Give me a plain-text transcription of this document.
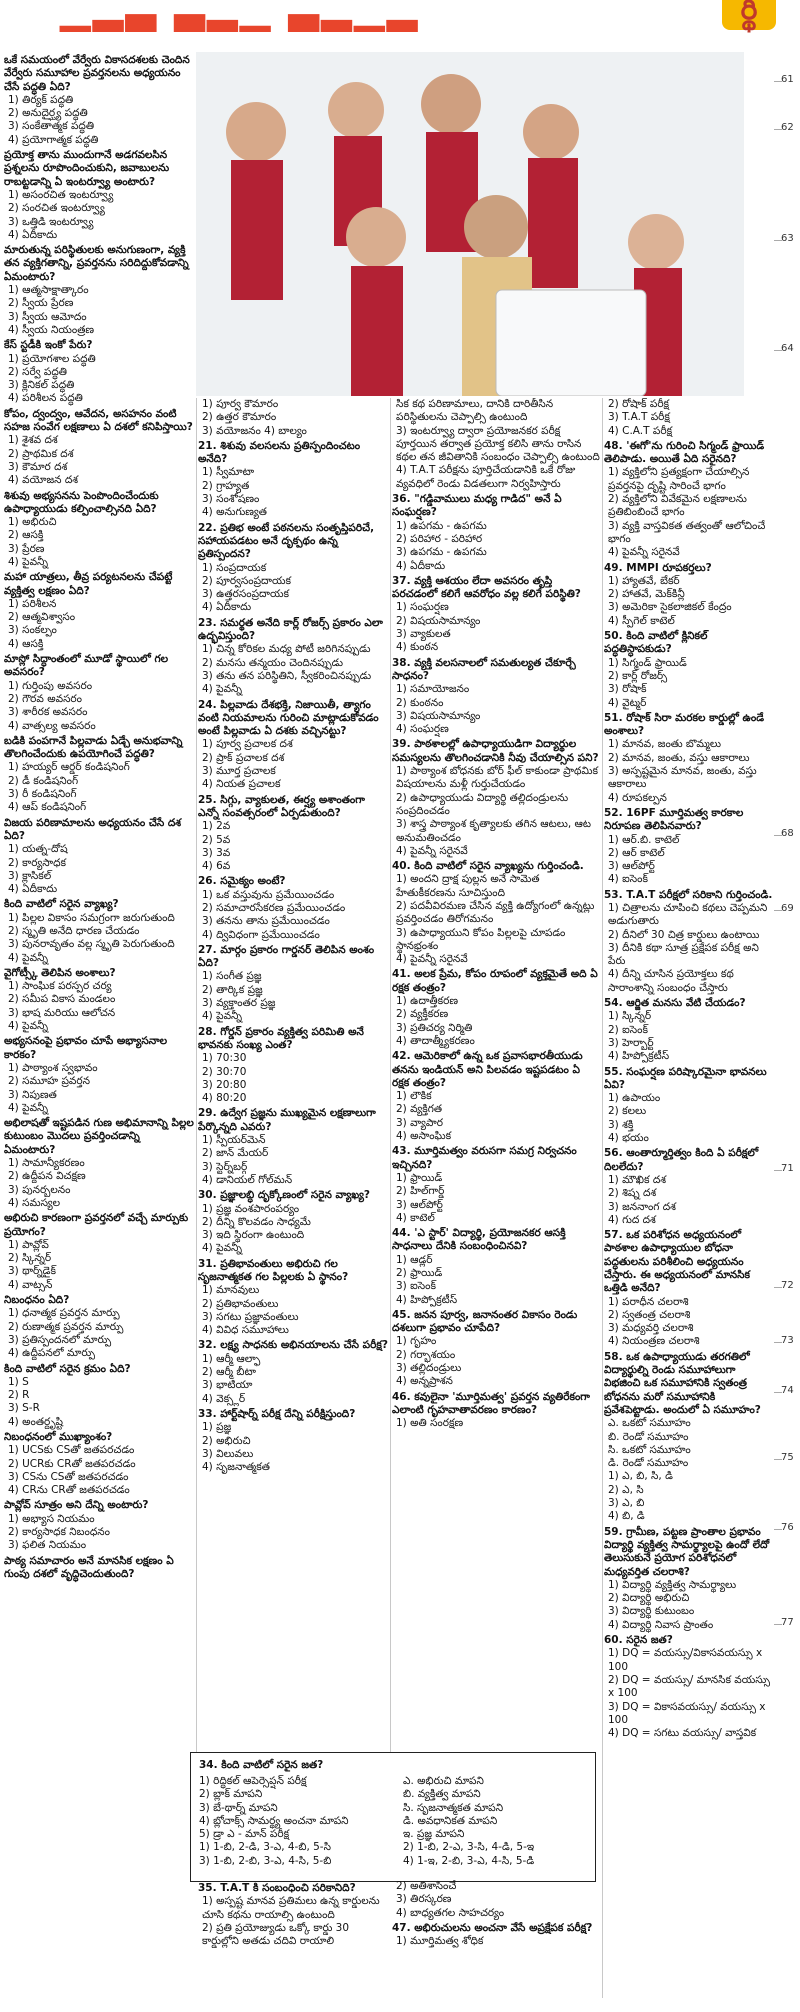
▁▂▃ ▃▂▁ ▃▂▁▂	ర్థి
ఒకే సమయంలో వేర్వేరు వికాసదశలకు చెందిన వేర్వేరు సమూహాల ప్రవర్తనలను అధ్యయనం చేసే పద్ధతి ఏది?
1) తిర్యక్ పద్ధతి
2) అనుదైర్ఘ్య పద్ధతి
3) సంకేతాత్మక పద్ధతి
4) ప్రయోగాత్మక పద్ధతి
ప్రయోక్త తాను ముందుగానే అడగవలసిన ప్రశ్నలను రూపొందించుకుని, జవాబులను రాబట్టడాన్ని ఏ ఇంటర్వ్యూ అంటారు?
1) అసంరచిత ఇంటర్వ్యూ
2) సంరచిత ఇంటర్వ్యూ
3) ఒత్తిడి ఇంటర్వ్యూ
4) ఏదీకాదు
మారుతున్న పరిస్థితులకు అనుగుణంగా, వ్యక్తి తన వ్యక్తిగతాన్ని, ప్రవర్తనను సరిదిద్దుకోవడాన్ని ఏమంటారు?
1) ఆత్మసాక్షాత్కారం
2) స్వీయ ప్రేరణ
3) స్వీయ ఆమోదం
4) స్వీయ నియంత్రణ
కేస్ స్టడీకి ఇంకో పేరు?
1) ప్రయోగశాల పద్ధతి
2) సర్వే పద్ధతి
3) క్లినికల్ పద్ధతి
4) పరిశీలన పద్ధతి
కోపం, ద్వంద్వం, ఆవేదన, అసహనం వంటి సహజ సంవేగ లక్షణాలు ఏ దశలో కనిపిస్తాయి?
1) శైశవ దశ
2) ప్రాథమిక దశ
3) కౌమార దశ
4) వయోజన దశ
శిశువు అభ్యసనను పెంపొందించేందుకు ఉపాధ్యాయుడు కల్పించాల్సినది ఏది?
1) అభిరుచి
2) ఆసక్తి
3) ప్రేరణ
4) పైవన్నీ
మహా యాత్రలు, తీవ్ర పర్యటనలను చేపట్టే వ్యక్తిత్వ లక్షణం ఏది?
1) పరిశీలన
2) ఆత్మవిశ్వాసం
3) సంకల్పం
4) ఆసక్తి
మాస్లో సిద్ధాంతంలో మూడో స్థాయిలో గల అవసరం?
1) గుర్తింపు అవసరం
2) గౌరవ అవసరం
3) శారీరక అవసరం
4) వాత్సల్య అవసరం
బడికి పంపగానే పిల్లవాడు ఏడ్చే అనుభవాన్ని తొలగించేందుకు ఉపయోగించే పద్ధతి?
1) హయ్యర్ ఆర్డర్ కండిషనింగ్
2) డీ కండిషనింగ్
3) రీ కండిషనింగ్
4) ఆప్ కండిషనింగ్
విజయ పరిణామాలను అధ్యయనం చేసే దశ ఏది?
1) యత్న-దోష
2) కార్యసాధక
3) క్లాసికల్
4) ఏదీకాదు
కింది వాటిలో సరైన వ్యాఖ్య?
1) పిల్లల వికాసం సమగ్రంగా జరుగుతుంది
2) స్మృతి అనేది ధారణ చేయడం
3) పునరావృతం వల్ల స్మృతి పెరుగుతుంది
4) పైవన్నీ
వైగోట్స్కీ తెలిపిన అంశాలు?
1) సాంఘిక పరస్పర చర్య
2) సమీప వికాస మండలం
3) భాష మరియు ఆలోచన
4) పైవన్నీ
అభ్యసనంపై ప్రభావం చూపే అభ్యాసనాల కారకం?
1) పాఠ్యాంశ స్వభావం
2) సమూహ ప్రవర్తన
3) నిపుణత
4) పైవన్నీ
అభిలాషతో ఇష్టపడిన గుణ అభిమానాన్ని పిల్లల కుటుంబం మొదలు ప్రవర్తించడాన్ని ఏమంటారు?
1) సామాన్యీకరణం
2) ఉద్దీపన విచక్షణ
3) పునర్బలనం
4) సమస్యల
అభిరుచి కారణంగా ప్రవర్తనలో వచ్చే మార్పుకు ప్రయోగం?
1) పావ్లోవ్
2) స్కిన్నర్
3) థార్న్‌డైక్
4) వాట్సన్
నిబంధనం ఏది?
1) ధనాత్మక ప్రవర్తన మార్పు
2) రుణాత్మక ప్రవర్తన మార్పు
3) ప్రతిస్పందనలో మార్పు
4) ఉద్దీపనలో మార్పు
కింది వాటిలో సరైన క్రమం ఏది?
1) S
2) R
3) S-R
4) అంతర్దృష్టి
నిబంధనంలో ముఖ్యాంశం?
1) UCSకు CSతో జతపరచడం
2) UCRకు CRతో జతపరచడం
3) CSను CSతో జతపరచడం
4) CRను CRతో జతపరచడం
పావ్లోవ్ సూత్రం అని దేన్ని అంటారు?
1) అభ్యాస నియమం
2) కార్యసాధక నిబంధనం
3) ఫలిత నియమం
పాఠ్య సమాచారం అనే మానసిక లక్షణం ఏ గుంపు దశలో వృద్ధిచెందుతుంది?
1) పూర్వ కౌమారం
2) ఉత్తర కౌమారం
3) వయోజనం 4) బాల్యం
21. శిశువు వలసలను ప్రతిస్పందించటం అనేది?
1) స్వీమాటా
2) గ్రాహ్యత
3) సంశోషణం
4) అనుగుణ్యత
22. ప్రతిభ అంటే పఠనలను సంతృప్తిపరిచే, సహాయపడటం అనే దృక్పథం ఉన్న ప్రతిస్పందన?
1) సంప్రదాయక
2) పూర్వసంప్రదాయక
3) ఉత్తరసంప్రదాయక
4) ఏదీకాదు
23. సమర్థత అనేది కార్ల్ రోజర్స్ ప్రకారం ఎలా ఉద్భవిస్తుంది?
1) చిన్న కోరికల మధ్య పోటీ జరిగినప్పుడు
2) మనసు తన్మయం చెందినప్పుడు
3) తను తన పరిస్థితిని, స్వీకరించినప్పుడు
4) పైవన్నీ
24. పిల్లవాడు దేశభక్తి, నిజాయితీ, త్యాగం వంటి నియమాలను గురించి మాట్లాడుకోవడం అంటే పిల్లవాడు ఏ దశకు వచ్చినట్టు?
1) పూర్వ ప్రచాలక దశ
2) ప్రాక్ ప్రచాలక దశ
3) మూర్త ప్రచాలక
4) నియత ప్రచాలక
25. సిగ్గు, వ్యాకులత, ఈర్ష్య అశాంతంగా ఎన్నో సంవత్సరంలో ఏర్పడుతుంది?
1) 2వ
2) 5వ
3) 3వ
4) 6వ
26. సమైక్యం అంటే?
1) ఒక వస్తువును ప్రమేయించడం
2) సమాచారసేకరణ ప్రమేయించడం
3) తనను తాను ప్రమేయించడం
4) ద్వివిధంగా ప్రమేయించడం
27. మార్గం ప్రకారం గార్డనర్ తెలిపిన అంశం ఏది?
1) సంగీత ప్రజ్ఞ
2) తార్కిక ప్రజ్ఞ
3) వ్యక్తాంతర ప్రజ్ఞ
4) పైవన్నీ
28. గోర్డన్ ప్రకారం వ్యక్తిత్వ పరిమితి అనే భావనకు సంఖ్య ఎంత?
1) 70:30
2) 30:70
3) 20:80
4) 80:20
29. ఉద్వేగ ప్రజ్ఞను ముఖ్యమైన లక్షణాలుగా పేర్కొన్నది ఎవరు?
1) స్పీయర్‌మెన్
2) జాన్ మేయర్
3) స్టెర్న్‌బర్గ్
4) డానియల్ గోల్‌మన్
30. ప్రజ్ఞాలబ్ధి దృక్కోణంలో సరైన వ్యాఖ్య?
1) ప్రజ్ఞ వంశపారంపర్యం
2) దీన్ని కొలవడం సాధ్యమే
3) ఇది స్థిరంగా ఉంటుంది
4) పైవన్నీ
31. ప్రతిభావంతులు అభిరుచి గల సృజనాత్మకత గల పిల్లలకు ఏ స్థానం?
1) మానవులు
2) ప్రతిభావంతులు
3) సగటు ప్రజ్ఞావంతులు
4) వివిధ సమూహాలు
32. లక్ష్య సాధనకు అభినయాలను చేసే పరీక్ష?
1) ఆర్మీ ఆల్ఫా
2) ఆర్మీ బీటా
3) భాటియా
4) వెక్స్లర్
33. హార్ట్‌షార్న్ పరీక్ష దేన్ని పరీక్షిస్తుంది?
1) ప్రజ్ఞ
2) అభిరుచి
3) విలువలు
4) సృజనాత్మకత
సిక కథ పరిణామాలు, దానికి దారితీసిన పరిస్థితులను చెప్పాల్సి ఉంటుంది
3) ఇంటర్వ్యూ ద్వారా ప్రయోజనకర పరీక్ష పూర్తయిన తర్వాత ప్రయోక్త కలిసి తాను రాసిన కథల తన జీవితానికి సంబంధం చెప్పాల్సి ఉంటుంది
4) T.A.T పరీక్షను పూర్తిచేయడానికి ఒకే రోజు వ్యవధిలో రెండు విడతలుగా నిర్వహిస్తారు
36. "గడ్డివాములు మధ్య గాడిద" అనే ఏ సంఘర్షణ?
1) ఉపగమ - ఉపగమ
2) పరిహార - పరిహార
3) ఉపగమ - ఉపగమ
4) ఏదీకాదు
37. వ్యక్తి ఆశయం లేదా అవసరం తృప్తి పరచడంలో కలిగే ఆవరోధం వల్ల కలిగే పరిస్థితి?
1) సంఘర్షణ
2) విషయసామాన్యం
3) వ్యాకులత
4) కుంఠన
38. వ్యక్తి వలసనాలలో సమతుల్యత చేకూర్చే సాధనం?
1) సమాయోజనం
2) కుంఠనం
3) విషయసామాన్యం
4) సంఘర్షణ
39. పాఠశాలల్లో ఉపాధ్యాయుడిగా విద్యార్థుల సమస్యలను తొలగించడానికి నీవు చేయాల్సిన పని?
1) పాఠ్యాంశ బోధనకు బోర్ ఫీల్ కాకుండా ప్రాథమిక విషయాలను మళ్లీ గుర్తుచేయడం
2) ఉపాధ్యాయుడు విద్యార్థి తల్లిదండ్రులను సంప్రదించడం
3) శాస్త్ర పాఠ్యాంశ కృత్యాలకు తగిన ఆటలు, ఆట అనుమతించడం
4) పైవన్నీ సరైనవే
40. కింది వాటిలో సరైన వ్యాఖ్యను గుర్తించండి.
1) అందని ద్రాక్ష పుల్లన అనే సామెత హేతుకీకరణను సూచిస్తుంది
2) పదవీవిరమణ చేసిన వ్యక్తి ఉద్యోగంలో ఉన్నట్లు ప్రవర్తించడం తిరోగమనం
3) ఉపాధ్యాయుని కోపం పిల్లలపై చూపడం స్థానభ్రంశం
4) పైవన్నీ సరైనవే
41. అలక ప్రేమ, కోపం రూపంలో వ్యక్తమైతే అది ఏ రక్షక తంత్రం?
1) ఉదాత్తీకరణ
2) వ్యక్తీకరణ
3) ప్రతిచర్య నిర్మితి
4) తాదాత్మ్యీకరణం
42. ఆమెరికాలో ఉన్న ఒక ప్రవాసభారతీయుడు తనను ఇండియన్ అని పిలవడం ఇష్టపడటం ఏ రక్షక తంత్రం?
1) లౌకిక
2) వ్యక్తిగత
3) వ్యాపార
4) అసాంఘిక
43. మూర్తిమత్వం వరుసగా సమగ్ర నిర్వచనం ఇచ్చినది?
1) ఫ్రాయిడ్
2) హిల్‌గార్డ్
3) ఆల్‌పోర్ట్
4) కాటెల్
44. 'ఎ స్టార్' విద్యార్థి, ప్రయోజనకర ఆసక్తి సాధనాలు దేనికి సంబంధించినవి?
1) ఆడ్లర్
2) ఫ్రాయిడ్
3) ఐసెంక్
4) హిప్పోక్రటీస్
45. జనన పూర్వ, జనానంతర వికాసం రెండు దశలుగా ప్రభావం చూపేది?
1) గృహం
2) గర్భాశయం
3) తల్లిదండ్రులు
4) అన్నప్రాశన
46. కవులైనా 'మూర్తిమత్వ' ప్రవర్తన వ్యతిరేకంగా ఎలాంటి గృహవాతావరణం కారణం?
1) అతి సంరక్షణ
2) రోషాక్ పరీక్ష
3) T.A.T పరీక్ష
4) C.A.T పరీక్ష
48. 'ఈగో'ను గురించి సిగ్మండ్ ఫ్రాయిడ్ తెలిపాడు. అయితే ఏది సరైనది?
1) వ్యక్తిలోని ప్రత్యక్షంగా చేయాల్సిన ప్రవర్తనపై దృష్టి సారించే భాగం
2) వ్యక్తిలోని వివేకమైన లక్షణాలను ప్రతిబింబించే భాగం
3) వ్యక్తి వాస్తవికత తత్వంతో ఆలోచించే భాగం
4) పైవన్నీ సరైనవే
49. MMPI రూపకర్తలు?
1) హ్యాతవే, బేకర్
2) హాతవే, మెక్‌కిన్లీ
3) అమెరికా సైకలాజికల్ కేంద్రం
4) స్పీగెల్ కాటెల్
50. కింది వాటిలో క్లినికల్ పద్ధతిస్ధాపకుడు?
1) సిగ్మండ్ ఫ్రాయిడ్
2) కార్ల్ రోజర్స్
3) రోషాక్
4) వైట్మర్
51. రోషాక్ సిరా మరకల కార్డుల్లో ఉండే అంశాలు?
1) మానవ, జంతు బొమ్మలు
2) మానవ, జంతు, వస్తు ఆకారాలు
3) అస్పష్టమైన మానవ, జంతు, వస్తు ఆకారాలు
4) రూపకల్పన
52. 16PF మూర్తిమత్వ కారకాల నిరూపణ తెలిపినవారు?
1) ఆర్.బి. కాటెల్
2) ఆర్ కాటెల్
3) ఆల్‌పోర్ట్
4) ఐసెంక్
53. T.A.T పరీక్షలో సరికాని గుర్తించండి.
1) చిత్రాలను చూపించి కథలు చెప్పమని అడుగుతారు
2) దీనిలో 30 చిత్ర కార్డులు ఉంటాయి
3) దీనికి కథా సూత్ర ప్రక్షేపక పరీక్ష అని పేరు
4) దీన్ని చూసిన ప్రయోక్తలు కథ సారాంశాన్ని సంబంధం చేస్తారు
54. ఆర్జిత మనసు వేటి చేయడం?
1) స్కిన్నర్
2) ఐసెంక్
3) హెర్బార్ట్
4) హిప్పోక్రటీస్
55. సంఘర్షణ పరిష్కారమైనా భావనలు ఏవి?
1) ఉపాయం
2) కలలు
3) శక్తి
4) భయం
56. ఆంతార్మూర్తిత్వం కింది ఏ పరీక్షలో దిలలేదు?
1) మౌఖిక దశ
2) శిష్న దశ
3) జననాంగ దశ
4) గుద దశ
57. ఒక పరిశోధన అధ్యయనంలో పాఠశాల ఉపాధ్యాయుల బోధనా పద్ధతులను పరిశీలించి అధ్యయనం చేస్తారు. ఈ అధ్యయనంలో మానసిక ఒత్తిడి అనేది?
1) పరాధీన చలరాశి
2) స్వతంత్ర చలరాశి
3) మధ్యవర్తి చలరాశి
4) నియంత్రణ చలరాశి
58. ఒక ఉపాధ్యాయుడు తరగతిలో విద్యార్థుల్ని రెండు సమూహాలుగా విభజించి ఒక సమూహానికి స్వతంత్ర బోధనను మరో సమూహానికి ప్రవేశపెట్టాడు. అందులో ఏ సమూహం?
ఎ. ఒకటో సమూహం
బి. రెండో సమూహం
సి. ఒకటో సమూహం
డి. రెండో సమూహం
1) ఎ, బి, సి, డి
2) ఎ, సి
3) ఎ, బి
4) బి, డి
59. గ్రామీణ, పట్టణ ప్రాంతాల ప్రభావం విద్యార్థి వ్యక్తిత్వ సామర్థ్యాలపై ఉందో లేదో తెలుసుకునే ప్రయోగ పరిశోధనలో మధ్యవర్తిత చలరాశి?
1) విద్యార్థి వ్యక్తిత్వ సామర్థ్యాలు
2) విద్యార్థి అభిరుచి
3) విద్యార్థి కుటుంబం
4) విద్యార్థి నివాస ప్రాంతం
60. సరైన జత?
1) DQ = వయస్సు/వికాసవయస్సు x 100
2) DQ = వయస్సు/ మానసిక వయస్సు x 100
3) DQ = వికాసవయస్సు/ వయస్సు x 100
4) DQ = సగటు వయస్సు/ వాస్తవిక
34. కింది వాటిలో సరైన జత?
1) రిద్ధికల్ ఆపెర్సెప్షన్ పరీక్ష
2) బ్లాక్ మాపని
3) బే-థార్న్ మాపని
4) బ్లోచాక్స్ సామర్థ్య అంచనా మాపని
5) డ్రా ఎ - మాన్ పరీక్ష
1) 1-బి, 2-డి, 3-ఎ, 4-బి, 5-సి
3) 1-బి, 2-బి, 3-ఎ, 4-సి, 5-బి
ఎ. అభిరుచి మాపని
బి. వ్యక్తిత్వ మాపని
సి. సృజనాత్మకత మాపని
డి. అవధానికత మాపని
ఇ. ప్రజ్ఞ మాపని
2) 1-బి, 2-ఎ, 3-సి, 4-డి, 5-ఇ
4) 1-ఇ, 2-బి, 3-ఎ, 4-సి, 5-డి
35. T.A.T కి సంబంధించి సరికానిది?
1) అస్పష్ట మానవ ప్రతిమలు ఉన్న కార్డులను చూసి కథను రాయాల్సి ఉంటుంది
2) ప్రతి ప్రయోజ్యుడు ఒక్కో కార్డు 30 కార్డుల్లోని అతడు చదివి రాయాలి
2) అతిశాసించే
3) తిరస్కరణ
4) బాధ్యతగల సాహచర్యం
47. అభిరుచులను అంచనా వేసే అప్రక్షేపక పరీక్ష?
1) మూర్తిమత్వ శోధిక
61
62
63
64
68
69
71
72
73
74
75
76
77
